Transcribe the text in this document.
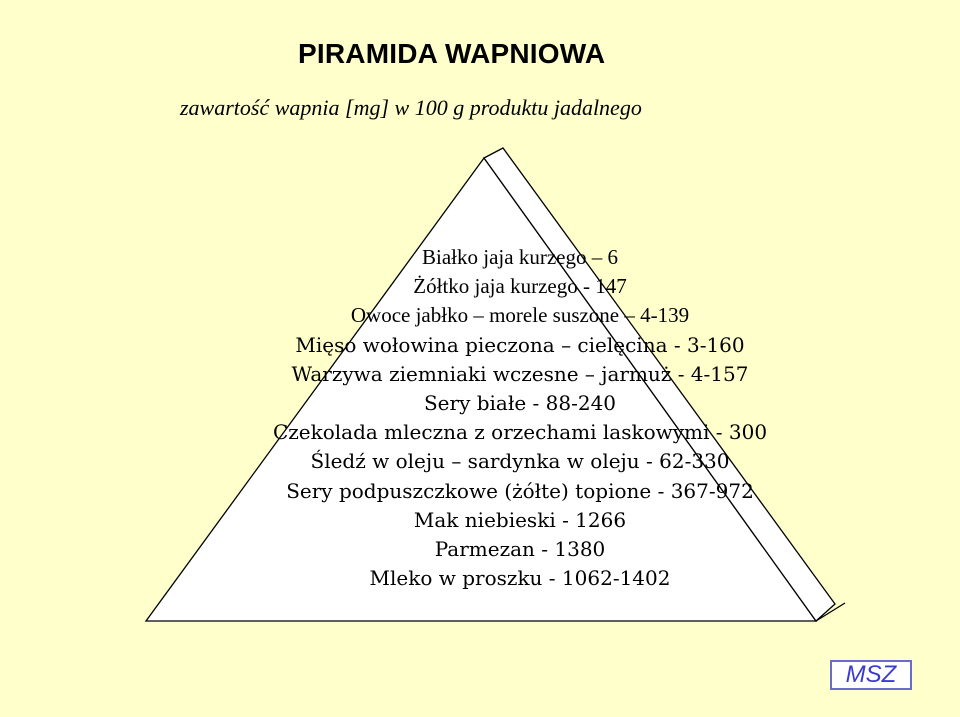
PIRAMIDA WAPNIOWA
zawartość wapnia [mg] w 100 g produktu jadalnego
Białko jaja kurzego – 6
Żółtko jaja kurzego - 147
Owoce jabłko – morele suszone – 4-139
Mięso wołowina pieczona – cielęcina - 3-160
Warzywa ziemniaki wczesne – jarmuż - 4-157
Sery białe - 88-240
Czekolada mleczna z orzechami laskowymi - 300
Śledź w oleju – sardynka w oleju - 62-330
Sery podpuszczkowe (żółte) topione - 367-972
Mak niebieski - 1266
Parmezan - 1380
Mleko w proszku - 1062-1402
MSZ
